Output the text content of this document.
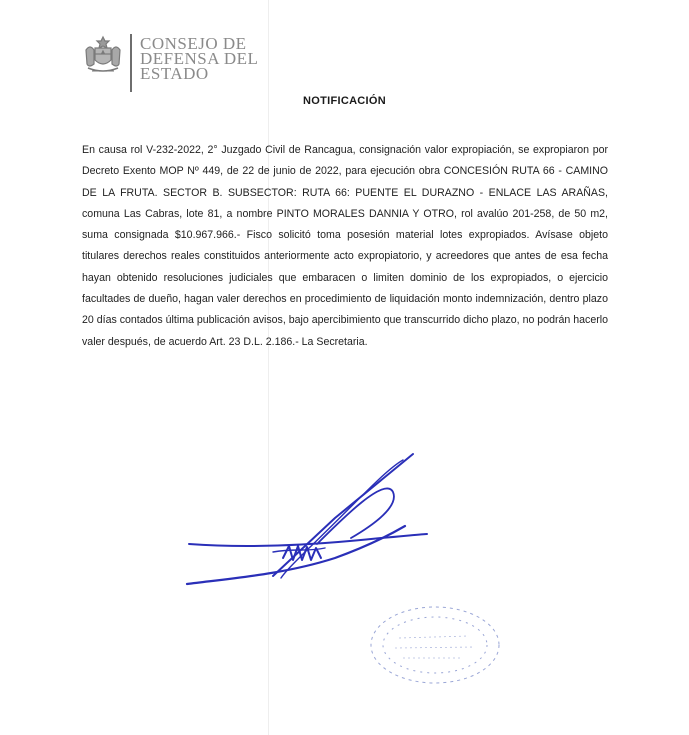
CONSEJO DE
DEFENSA DEL
ESTADO
NOTIFICACIÓN
En causa rol V-232-2022, 2° Juzgado Civil de Rancagua, consignación valor expropiación, se expropiaron por Decreto Exento MOP Nº 449, de 22 de junio de 2022, para ejecución obra CONCESIÓN RUTA 66 - CAMINO DE LA FRUTA. SECTOR B. SUBSECTOR: RUTA 66: PUENTE EL DURAZNO - ENLACE LAS ARAÑAS, comuna Las Cabras, lote 81, a nombre PINTO MORALES DANNIA Y OTRO, rol avalúo 201-258, de 50 m2, suma consignada $10.967.966.- Fisco solicitó toma posesión material lotes expropiados. Avísase objeto titulares derechos reales constituidos anteriormente acto expropiatorio, y acreedores que antes de esa fecha hayan obtenido resoluciones judiciales que embaracen o limiten dominio de los expropiados, o ejercicio facultades de dueño, hagan valer derechos en procedimiento de liquidación monto indemnización, dentro plazo 20 días contados última publicación avisos, bajo apercibimiento que transcurrido dicho plazo, no podrán hacerlo valer después, de acuerdo Art. 23 D.L. 2.186.- La Secretaria.
